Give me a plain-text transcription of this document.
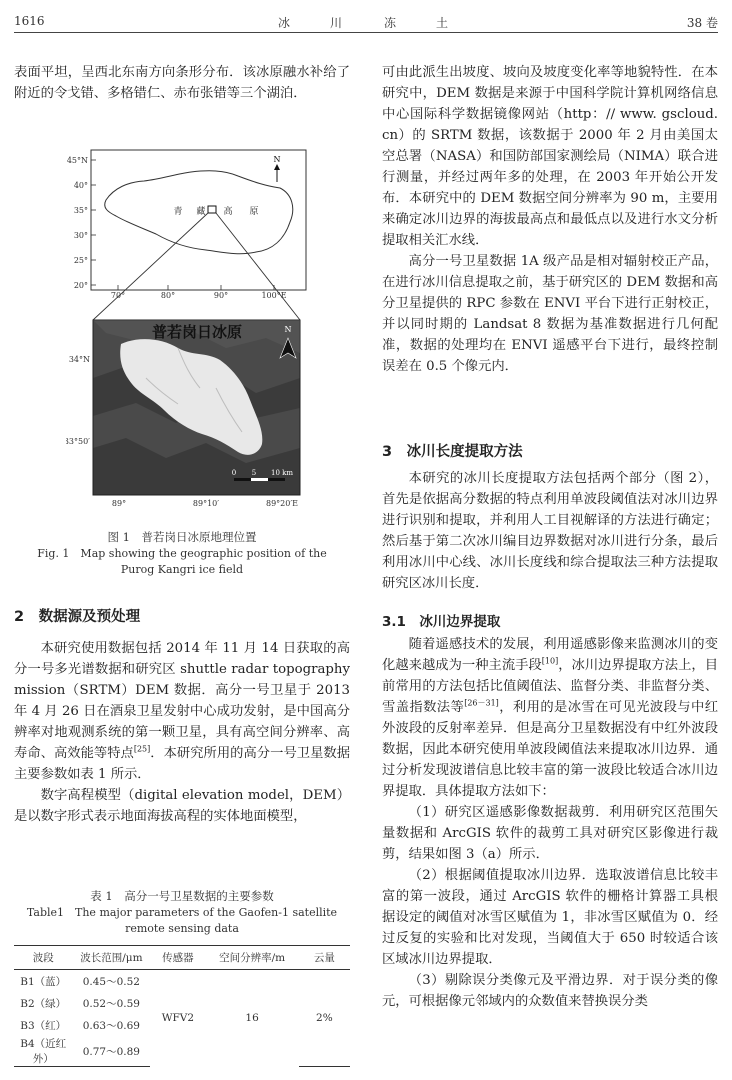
1616	冰	川	冻	土	38 卷

表面平坦，呈西北东南方向条形分布．该冰原融水补给了附近的令戈错、多格错仁、赤布张错等三个湖泊．

45°N
40°
35°
30°
25°
20°
70°	80°	90°	100°E
青 藏 高 原
N
普若岗日冰原	N
0 5 10 km
34°N
33°50′
89°	89°10′	89°20′E
图 1　普若岗日冰原地理位置
Fig. 1　Map showing the geographic position of the
Purog Kangri ice field
2　数据源及预处理

本研究使用数据包括 2014 年 11 月 14 日获取的高分一号多光谱数据和研究区 shuttle radar topography mission（SRTM）DEM 数据．高分一号卫星于 2013 年 4 月 26 日在酒泉卫星发射中心成功发射，是中国高分辨率对地观测系统的第一颗卫星，具有高空间分辨率、高寿命、高效能等特点[25]．本研究所用的高分一号卫星数据主要参数如表 1 所示．

数字高程模型（digital elevation model，DEM）是以数字形式表示地面海拔高程的实体地面模型，

表 1　高分一号卫星数据的主要参数
Table1　The major parameters of the Gaofen-1 satellite
remote sensing data
波段	波长范围/μm	传感器	空间分辨率/m	云量
B1（蓝）	0.45～0.52	WFV2	16	2%
B2（绿）	0.52～0.59			
B3（红）	0.63～0.69			
B4（近红外）	0.77～0.89			

可由此派生出坡度、坡向及坡度变化率等地貌特性．在本研究中，DEM 数据是来源于中国科学院计算机网络信息中心国际科学数据镜像网站（http：// www. gscloud. cn）的 SRTM 数据，该数据于 2000 年 2 月由美国太空总署（NASA）和国防部国家测绘局（NIMA）联合进行测量，并经过两年多的处理，在 2003 年开始公开发布．本研究中的 DEM 数据空间分辨率为 90 m，主要用来确定冰川边界的海拔最高点和最低点以及进行水文分析提取相关汇水线．

高分一号卫星数据 1A 级产品是相对辐射校正产品，在进行冰川信息提取之前，基于研究区的 DEM 数据和高分卫星提供的 RPC 参数在 ENVI 平台下进行正射校正，并以同时期的 Landsat 8 数据为基准数据进行几何配准，数据的处理均在 ENVI 遥感平台下进行，最终控制误差在 0.5 个像元内．

3　冰川长度提取方法

本研究的冰川长度提取方法包括两个部分（图 2），首先是依据高分数据的特点利用单波段阈值法对冰川边界进行识别和提取，并利用人工目视解译的方法进行确定；然后基于第二次冰川编目边界数据对冰川进行分条，最后利用冰川中心线、冰川长度线和综合提取法三种方法提取研究区冰川长度．

3.1　冰川边界提取

随着遥感技术的发展，利用遥感影像来监测冰川的变化越来越成为一种主流手段[10]，冰川边界提取方法上，目前常用的方法包括比值阈值法、监督分类、非监督分类、雪盖指数法等[26－31]，利用的是冰雪在可见光波段与中红外波段的反射率差异．但是高分卫星数据没有中红外波段数据，因此本研究使用单波段阈值法来提取冰川边界．通过分析发现波谱信息比较丰富的第一波段比较适合冰川边界提取．具体提取方法如下：

（1）研究区遥感影像数据裁剪．利用研究区范围矢量数据和 ArcGIS 软件的裁剪工具对研究区影像进行裁剪，结果如图 3（a）所示．

（2）根据阈值提取冰川边界．选取波谱信息比较丰富的第一波段，通过 ArcGIS 软件的栅格计算器工具根据设定的阈值对冰雪区赋值为 1，非冰雪区赋值为 0．经过反复的实验和比对发现，当阈值大于 650 时较适合该区域冰川边界提取．

（3）剔除误分类像元及平滑边界．对于误分类的像元，可根据像元邻域内的众数值来替换误分类
